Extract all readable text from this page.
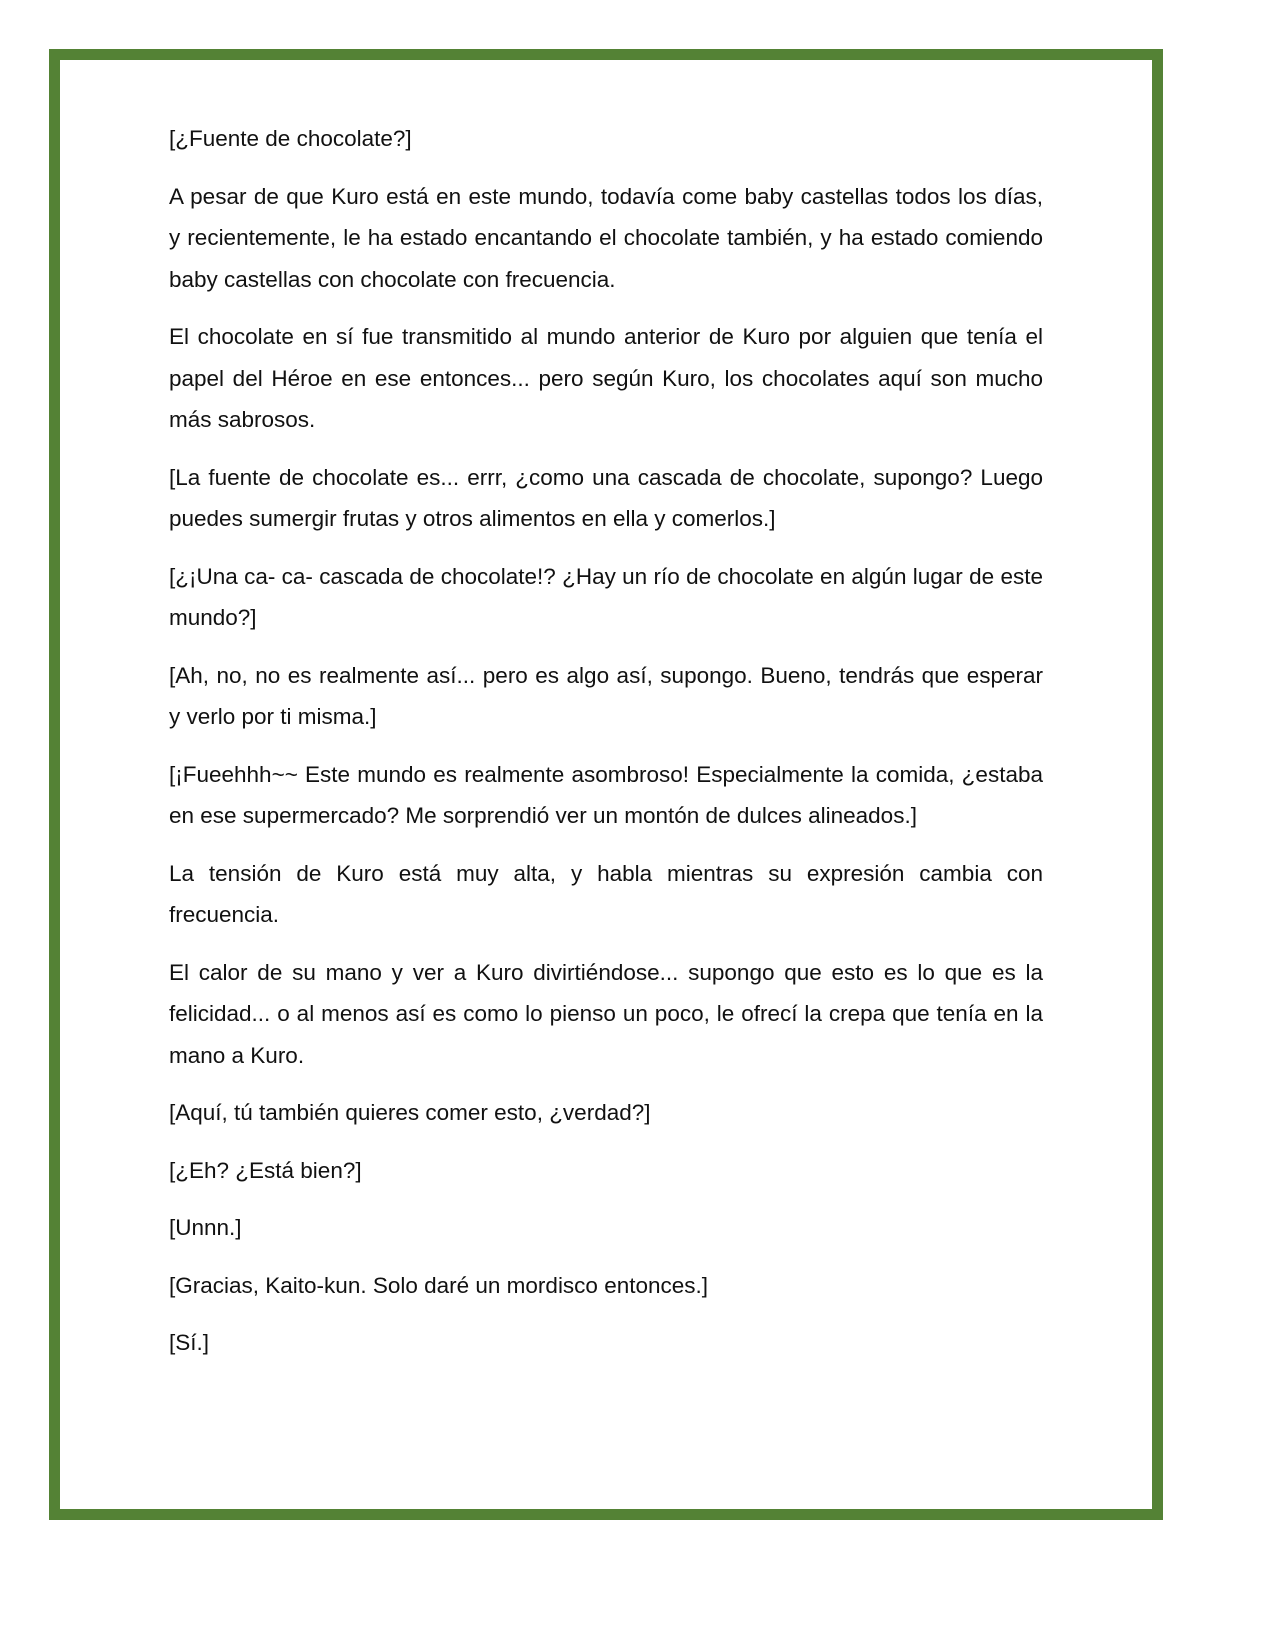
[¿Fuente de chocolate?]

A pesar de que Kuro está en este mundo, todavía come baby castellas todos los días, y recientemente, le ha estado encantando el chocolate también, y ha estado comiendo baby castellas con chocolate con frecuencia.

El chocolate en sí fue transmitido al mundo anterior de Kuro por alguien que tenía el papel del Héroe en ese entonces... pero según Kuro, los chocolates aquí son mucho más sabrosos.

[La fuente de chocolate es... errr, ¿como una cascada de chocolate, supongo? Luego puedes sumergir frutas y otros alimentos en ella y comerlos.]

[¿¡Una ca- ca- cascada de chocolate!? ¿Hay un río de chocolate en algún lugar de este mundo?]

[Ah, no, no es realmente así... pero es algo así, supongo. Bueno, tendrás que esperar y verlo por ti misma.]

[¡Fueehhh~~ Este mundo es realmente asombroso! Especialmente la comida, ¿estaba en ese supermercado? Me sorprendió ver un montón de dulces alineados.]

La tensión de Kuro está muy alta, y habla mientras su expresión cambia con frecuencia.

El calor de su mano y ver a Kuro divirtiéndose... supongo que esto es lo que es la felicidad... o al menos así es como lo pienso un poco, le ofrecí la crepa que tenía en la mano a Kuro.

[Aquí, tú también quieres comer esto, ¿verdad?]

[¿Eh? ¿Está bien?]

[Unnn.]

[Gracias, Kaito-kun. Solo daré un mordisco entonces.]

[Sí.]
